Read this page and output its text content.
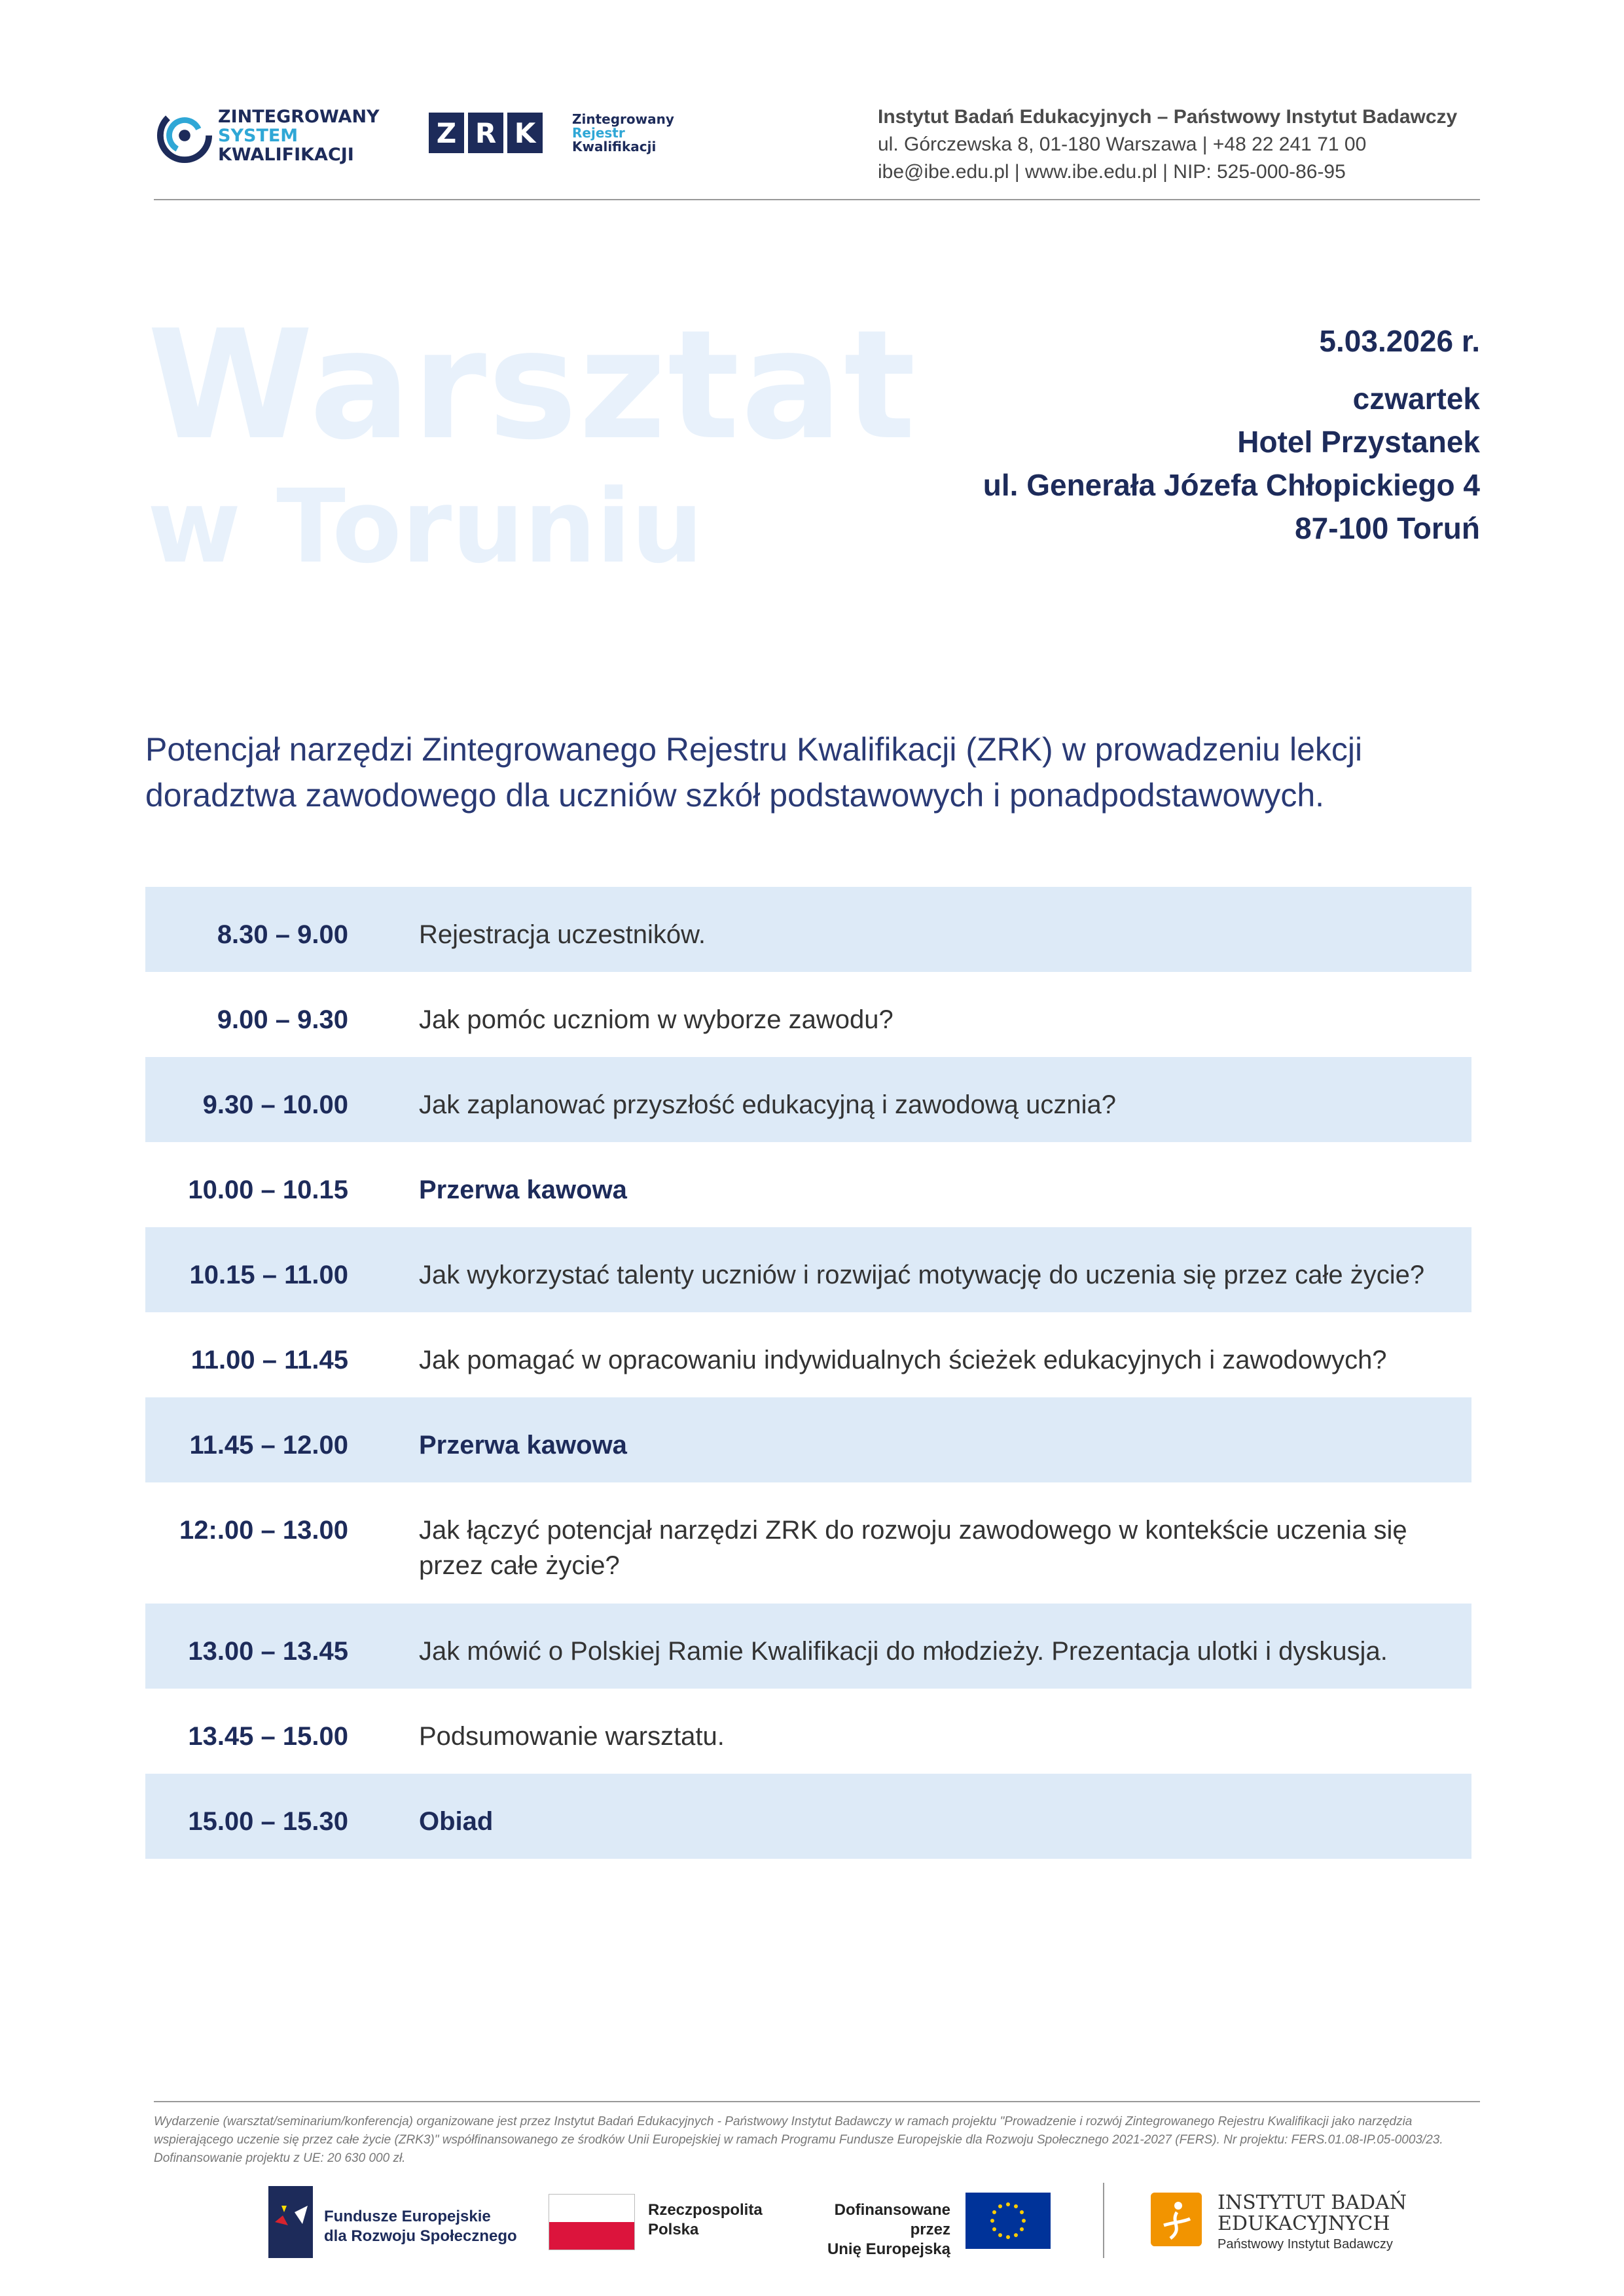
ZINTEGROWANY
SYSTEM
KWALIFIKACJI
Z R K	Zintegrowany
Rejestr
Kwalifikacji
Instytut Badań Edukacyjnych – Państwowy Instytut Badawczy
ul. Górczewska 8, 01-180 Warszawa | +48 22 241 71 00
ibe@ibe.edu.pl | www.ibe.edu.pl | NIP: 525-000-86-95
Warsztat
w Toruniu
5.03.2026 r.
czwartek
Hotel Przystanek
ul. Generała Józefa Chłopickiego 4
87-100 Toruń
Potencjał narzędzi Zintegrowanego Rejestru Kwalifikacji (ZRK) w prowadzeniu lekcji doradztwa zawodowego dla uczniów szkół podstawowych i ponadpodstawowych.
8.30 – 9.00	Rejestracja uczestników.
9.00 – 9.30	Jak pomóc uczniom w wyborze zawodu?
9.30 – 10.00	Jak zaplanować przyszłość edukacyjną i zawodową ucznia?
10.00 – 10.15	Przerwa kawowa
10.15 – 11.00	Jak wykorzystać talenty uczniów i rozwijać motywację do uczenia się przez całe życie?
11.00 – 11.45	Jak pomagać w opracowaniu indywidualnych ścieżek edukacyjnych i zawodowych?
11.45 – 12.00	Przerwa kawowa
12:.00 – 13.00	Jak łączyć potencjał narzędzi ZRK do rozwoju zawodowego w kontekście uczenia się przez całe życie?
13.00 – 13.45	Jak mówić o Polskiej Ramie Kwalifikacji do młodzieży. Prezentacja ulotki i dyskusja.
13.45 – 15.00	Podsumowanie warsztatu.
15.00 – 15.30	Obiad
Wydarzenie (warsztat/seminarium/konferencja) organizowane jest przez Instytut Badań Edukacyjnych - Państwowy Instytut Badawczy w ramach projektu "Prowadzenie i rozwój Zintegrowanego Rejestru Kwalifikacji jako narzędzia wspierającego uczenie się przez całe życie (ZRK3)" współfinansowanego ze środków Unii Europejskiej w ramach Programu Fundusze Europejskie dla Rozwoju Społecznego 2021-2027 (FERS). Nr projektu: FERS.01.08-IP.05-0003/23. Dofinansowanie projektu z UE: 20 630 000 zł.
Fundusze Europejskie
dla Rozwoju Społecznego
Rzeczpospolita
Polska
Dofinansowane przez
Unię Europejską
INSTYTUT BADAŃ
EDUKACYJNYCH
Państwowy Instytut Badawczy
